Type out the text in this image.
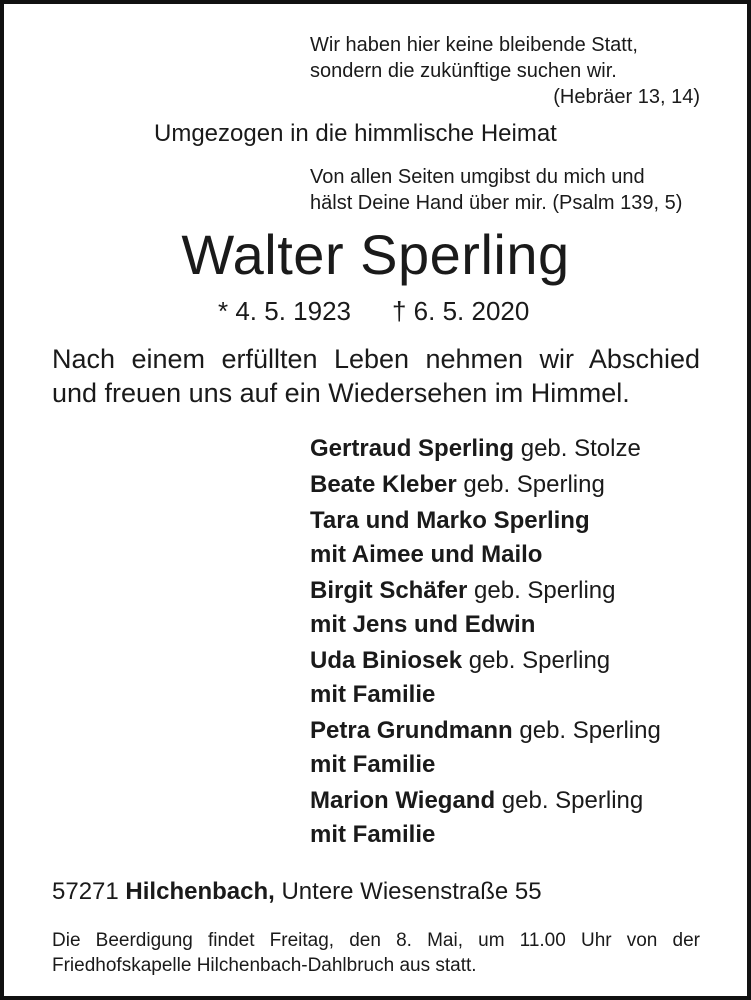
Wir haben hier keine bleibende Statt,
sondern die zukünftige suchen wir.
(Hebräer 13, 14)
Umgezogen in die himmlische Heimat
Von allen Seiten umgibst du mich und
hälst Deine Hand über mir. (Psalm 139, 5)
Walter Sperling
* 4. 5. 1923 † 6. 5. 2020
Nach einem erfüllten Leben nehmen wir Abschied
und freuen uns auf ein Wiedersehen im Himmel.
Gertraud Sperling geb. Stolze
Beate Kleber geb. Sperling
Tara und Marko Sperling
mit Aimee und Mailo
Birgit Schäfer geb. Sperling
mit Jens und Edwin
Uda Biniosek geb. Sperling
mit Familie
Petra Grundmann geb. Sperling
mit Familie
Marion Wiegand geb. Sperling
mit Familie
57271 Hilchenbach, Untere Wiesenstraße 55
Die Beerdigung findet Freitag, den 8. Mai, um 11.00 Uhr von der
Friedhofskapelle Hilchenbach-Dahlbruch aus statt.
